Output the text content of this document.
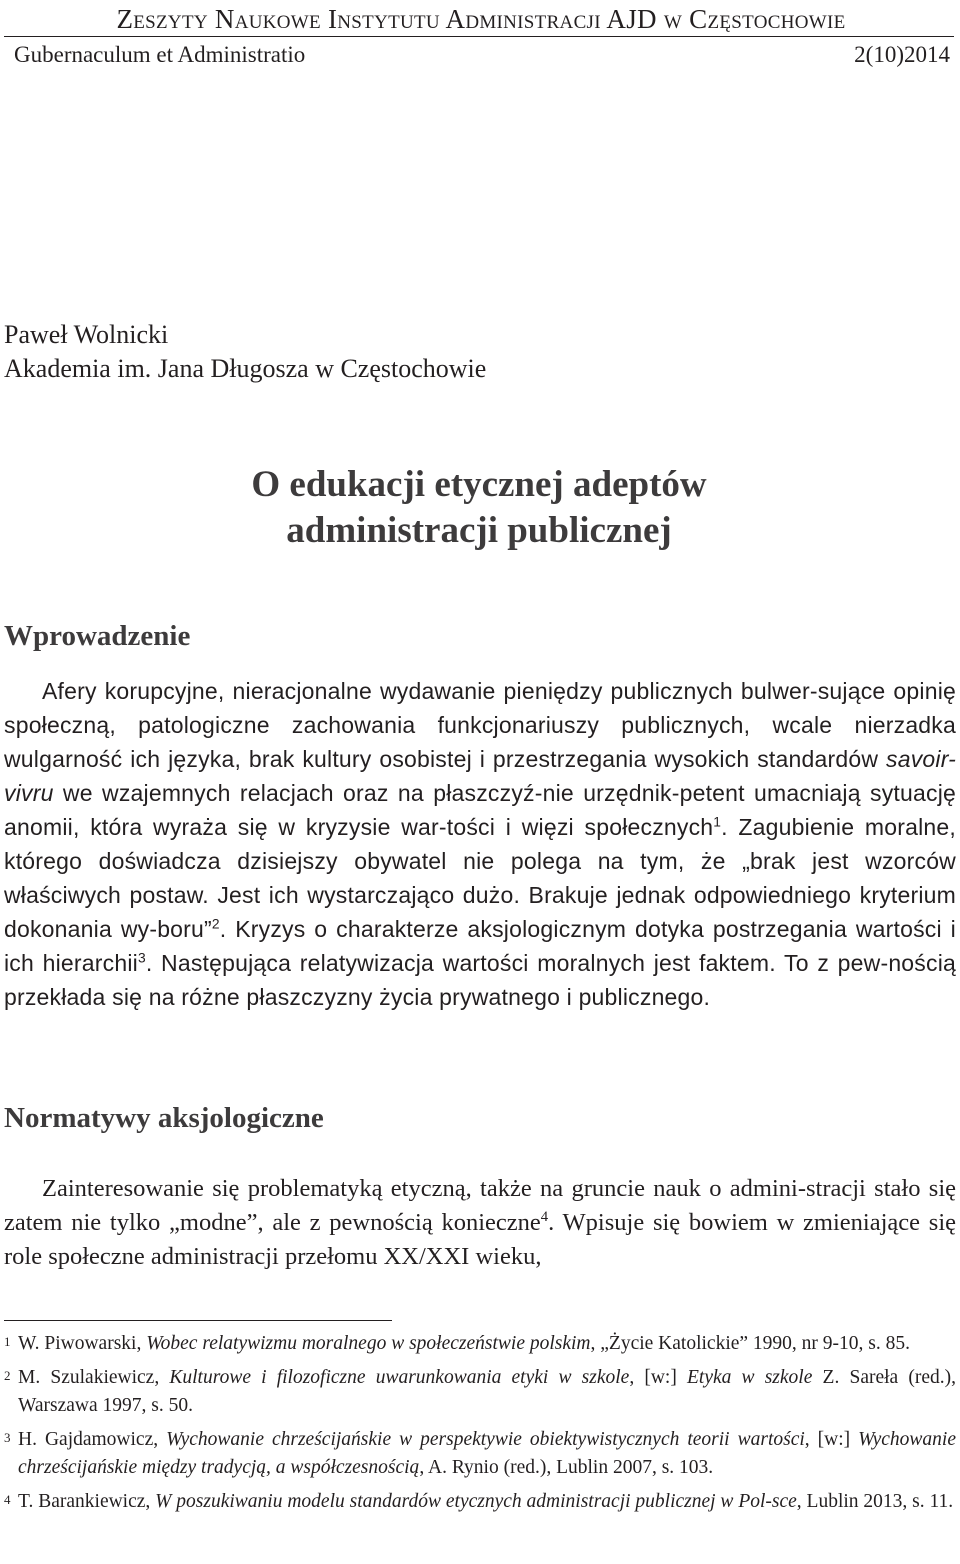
Zeszyty Naukowe Instytutu Administracji AJD w Częstochowie
Gubernaculum et Administratio	2(10)2014
Paweł Wolnicki
Akademia im. Jana Długosza w Częstochowie
O edukacji etycznej adeptów
administracji publicznej
Wprowadzenie

Afery korupcyjne, nieracjonalne wydawanie pieniędzy publicznych bulwer-sujące opinię społeczną, patologiczne zachowania funkcjonariuszy publicznych, wcale nierzadka wulgarność ich języka, brak kultury osobistej i przestrzegania wysokich standardów savoir-vivru we wzajemnych relacjach oraz na płaszczyź-nie urzędnik-petent umacniają sytuację anomii, która wyraża się w kryzysie war-tości i więzi społecznych$^1$. Zagubienie moralne, którego doświadcza dzisiejszy obywatel nie polega na tym, że „brak jest wzorców właściwych postaw. Jest ich wystarczająco dużo. Brakuje jednak odpowiedniego kryterium dokonania wy-boru”$^2$. Kryzys o charakterze aksjologicznym dotyka postrzegania wartości i ich hierarchii$^3$. Następująca relatywizacja wartości moralnych jest faktem. To z pew-nością przekłada się na różne płaszczyzny życia prywatnego i publicznego.

Normatywy aksjologiczne

Zainteresowanie się problematyką etyczną, także na gruncie nauk o admini-stracji stało się zatem nie tylko „modne”, ale z pewnością konieczne$^4$. Wpisuje się bowiem w zmieniające się role społeczne administracji przełomu XX/XXI wieku,

1 W. Piwowarski, Wobec relatywizmu moralnego w społeczeństwie polskim, „Życie Katolickie” 1990, nr 9-10, s. 85.
2 M. Szulakiewicz, Kulturowe i filozoficzne uwarunkowania etyki w szkole, [w:] Etyka w szkole Z. Sareła (red.), Warszawa 1997, s. 50.
3 H. Gajdamowicz, Wychowanie chrześcijańskie w perspektywie obiektywistycznych teorii wartości, [w:] Wychowanie chrześcijańskie między tradycją, a współczesnością, A. Rynio (red.), Lublin 2007, s. 103.
4 T. Barankiewicz, W poszukiwaniu modelu standardów etycznych administracji publicznej w Pol-sce, Lublin 2013, s. 11.
